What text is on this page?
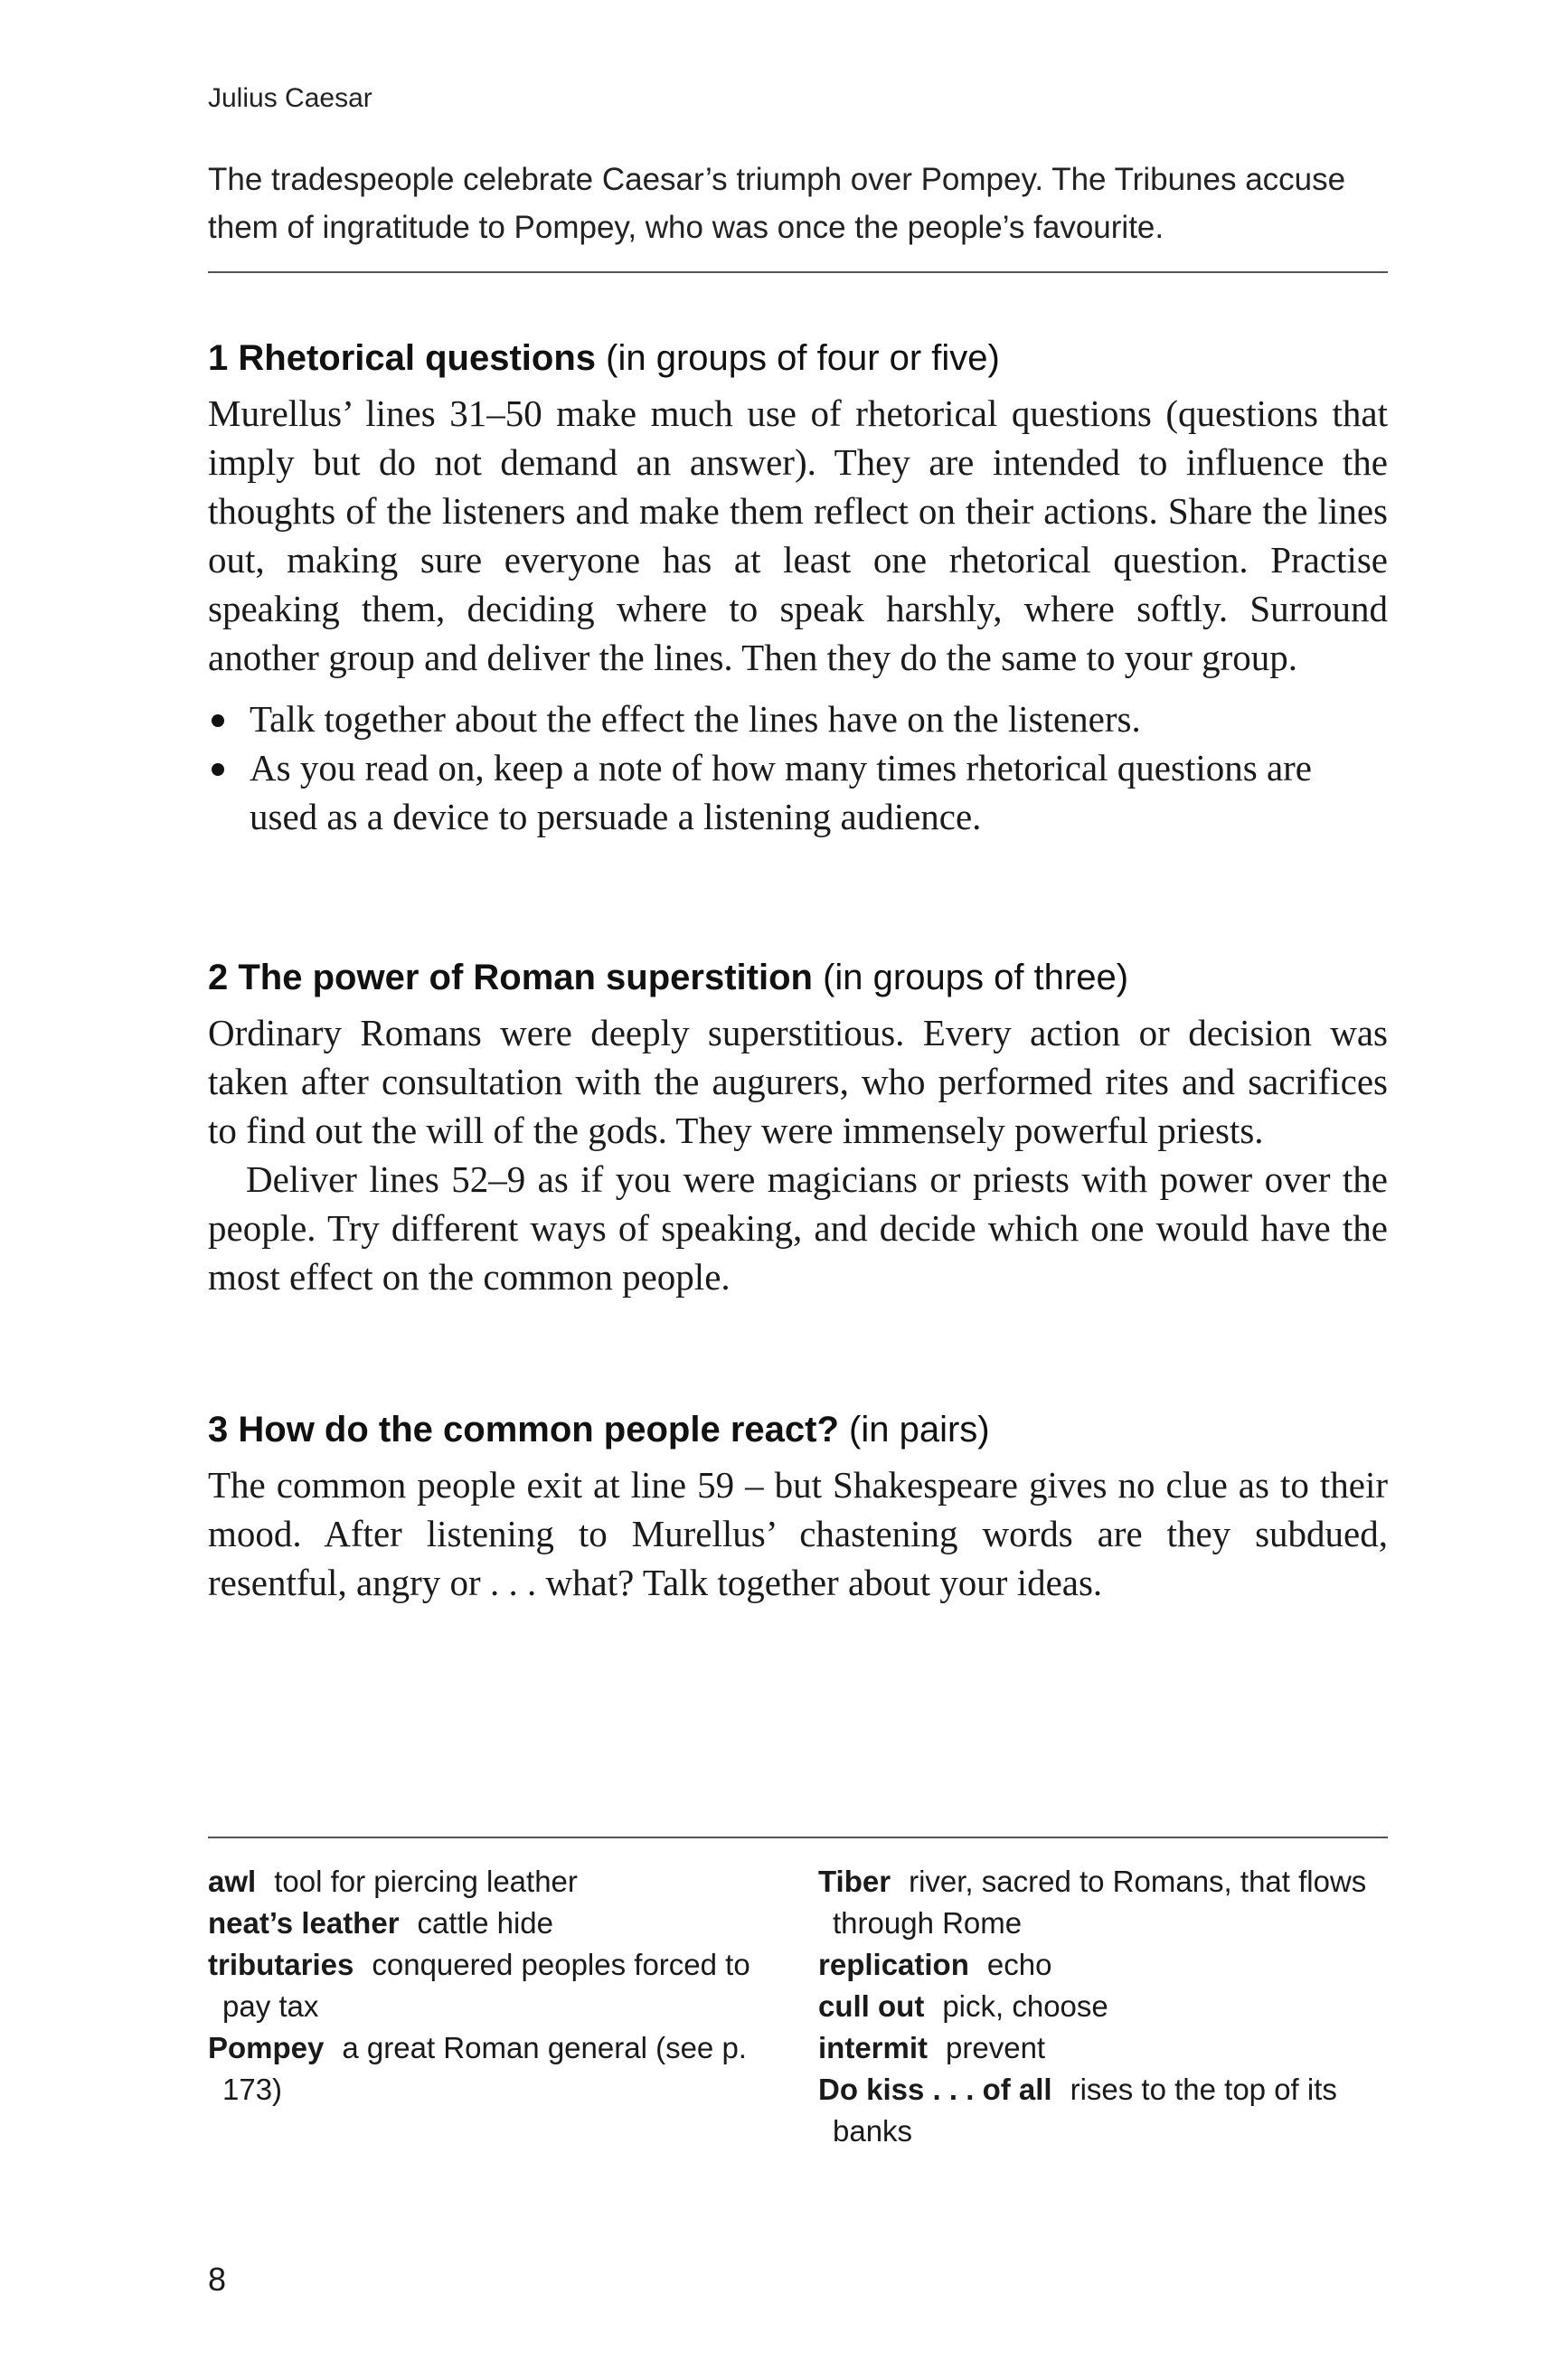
Julius Caesar
The tradespeople celebrate Caesar’s triumph over Pompey. The Tribunes accuse them of ingratitude to Pompey, who was once the people’s favourite.
1 Rhetorical questions (in groups of four or five)

Murellus’ lines 31–50 make much use of rhetorical questions (questions that imply but do not demand an answer). They are intended to influence the thoughts of the listeners and make them reflect on their actions. Share the lines out, making sure everyone has at least one rhetorical question. Practise speaking them, deciding where to speak harshly, where softly. Surround another group and deliver the lines. Then they do the same to your group.

Talk together about the effect the lines have on the listeners.
As you read on, keep a note of how many times rhetorical questions are used as a device to persuade a listening audience.
2 The power of Roman superstition (in groups of three)

Ordinary Romans were deeply superstitious. Every action or decision was taken after consultation with the augurers, who performed rites and sacrifices to find out the will of the gods. They were immensely powerful priests.

Deliver lines 52–9 as if you were magicians or priests with power over the people. Try different ways of speaking, and decide which one would have the most effect on the common people.

3 How do the common people react? (in pairs)

The common people exit at line 59 – but Shakespeare gives no clue as to their mood. After listening to Murellus’ chastening words are they subdued, resentful, angry or . . . what? Talk together about your ideas.

awl tool for piercing leather

neat’s leather cattle hide

tributaries conquered peoples forced to pay tax

Pompey a great Roman general (see p. 173)

Tiber river, sacred to Romans, that flows through Rome

replication echo

cull out pick, choose

intermit prevent

Do kiss . . . of all rises to the top of its banks

8
